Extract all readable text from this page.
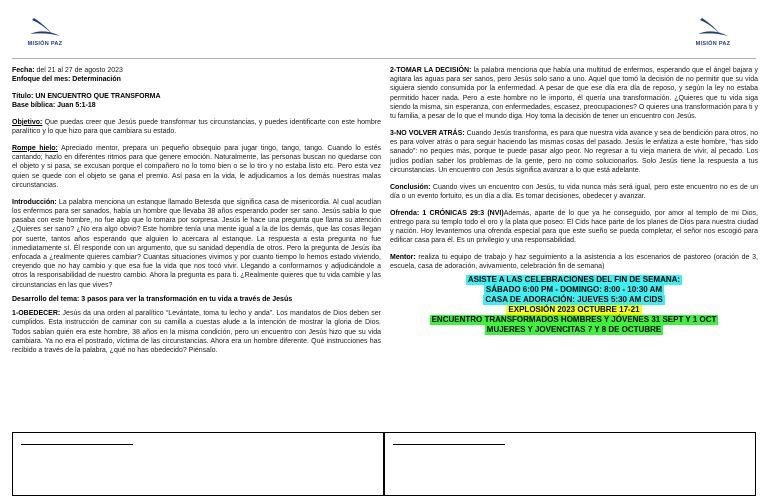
MISIÓN PAZ	MISIÓN PAZ

Fecha: del 21 al 27 de agosto 2023

Enfoque del mes: Determinación

Título: UN ENCUENTRO QUE TRANSFORMA

Base bíblica: Juan 5:1-18

Objetivo: Que puedas creer que Jesús puede transformar tus circunstancias, y puedes identificarte con este hombre paralítico y lo que hizo para que cambiara su estado.

Rompe hielo: Apreciado mentor, prepara un pequeño obsequio para jugar tingo, tango, tango. Cuando lo estés cantando; hazlo en diferentes ritmos para que genere emoción. Naturalmente, las personas buscan no quedarse con el objeto y si pasa, se excusan porque el compañero no lo tomo bien o se lo tiro y no estaba listo etc. Pero esta vez quien se quede con el objeto se gana el premio. Así pasa en la vida, le adjudicamos a los demás nuestras malas circunstancias.

Introducción: La palabra menciona un estanque llamado Betesda que significa casa de misericordia. Al cual acudían los enfermos para ser sanados, había un hombre que llevaba 38 años esperando poder ser sano. Jesús sabía lo que pasaba con este hombre, no fue algo que lo tomara por sorpresa. Jesús le hace una pregunta que llama su atención ¿Quieres ser sano? ¿No era algo obvio? Este hombre tenía una mente igual a la de los demás, que las cosas llegan por suerte, tantos años esperando que alguien lo acercara al estanque. La respuesta a esta pregunta no fue inmediatamente sí. Él responde con un argumento, que su sanidad dependía de otros. Pero la pregunta de Jesús iba enfocada a ¿realmente quieres cambiar? Cuantas situaciones vivimos y por cuanto tiempo lo hemos estado viviendo, creyendo que no hay cambio y que esa fue la vida que nos tocó vivir. Llegando a conformarnos y adjudicándole a otros la responsabilidad de nuestro cambio. Ahora la pregunta es para ti. ¿Realmente quieres que tu vida cambie y las circunstancias en las que vives?

Desarrollo del tema: 3 pasos para ver la transformación en tu vida a través de Jesús

1-OBEDECER: Jesús da una orden al paralítico “Levántate, toma tu lecho y anda”. Los mandatos de Dios deben ser cumplidos. Esta instrucción de caminar con su camilla a cuestas alude a la intención de mostrar la gloria de Dios. Todos sabían quién era este hombre, 38 años en la misma condición, pero un encuentro con Jesús hizo que su vida cambiara. Ya no era el postrado, víctima de las circunstancias. Ahora era un hombre diferente. Qué instrucciones has recibido a través de la palabra, ¿qué no has obedecido? Piénsalo.

2-TOMAR LA DECISIÓN: la palabra menciona que había una multitud de enfermos, esperando que el ángel bajara y agitara las aguas para ser sanos, pero Jesús solo sano a uno. Aquel que tomó la decisión de no permitir que su vida siguiera siendo consumida por la enfermedad. A pesar de que ese día era día de reposo, y según la ley no estaba permitido hacer nada. Pero a este hombre no le importo, él quería una transformación. ¿Quieres que tu vida siga siendo la misma, sin esperanza, con enfermedades, escasez, preocupaciones? O quieres una transformación para ti y tu familia, a pesar de lo que el mundo diga. Hoy toma la decisión de tener un encuentro con Jesús.

3-NO VOLVER ATRÁS: Cuando Jesús transforma, es para que nuestra vida avance y sea de bendición para otros, no es para volver atrás o para seguir haciendo las mismas cosas del pasado. Jesús le enfatiza a este hombre, “has sido sanado”: no peques más, porque te puede pasar algo peor. No regresar a tu vieja manera de vivir, al pecado. Los judíos podían saber los problemas de la gente, pero no como solucionarlos. Solo Jesús tiene la respuesta a tus circunstancias. Un encuentro con Jesús significa avanzar a lo que está adelante.

Conclusión: Cuando vives un encuentro con Jesús, tu vida nunca más será igual, pero este encuentro no es de un día o un evento fortuito, es un día a día. Es tomar decisiones, obedecer y avanzar.

Ofrenda: 1 CRÓNICAS 29:3 (NVI)Además, aparte de lo que ya he conseguido, por amor al templo de mi Dios, entrego para su templo todo el oro y la plata que poseo: El Cids hace parte de los planes de Dios para nuestra ciudad y nación. Hoy levantemos una ofrenda especial para que este sueño se pueda completar, el señor nos escogió para edificar casa para él. Es un privilegio y una responsabilidad.

Mentor: realiza tu equipo de trabajo y haz seguimiento a la asistencia a los escenarios de pastoreo (oración de 3, escuela, casa de adoración, avivamiento, celebración fin de semana)

ASISTE A LAS CELEBRACIONES DEL FIN DE SEMANA:
SÁBADO 6:00 PM - DOMINGO: 8:00 - 10:30 AM
CASA DE ADORACIÓN: JUEVES 5:30 AM CIDS
EXPLOSIÓN 2023 OCTUBRE 17-21
ENCUENTRO TRANSFORMADOS HOMBRES Y JÓVENES 31 SEPT Y 1 OCT
MUJERES Y JOVENCITAS 7 Y 8 DE OCTUBRE
